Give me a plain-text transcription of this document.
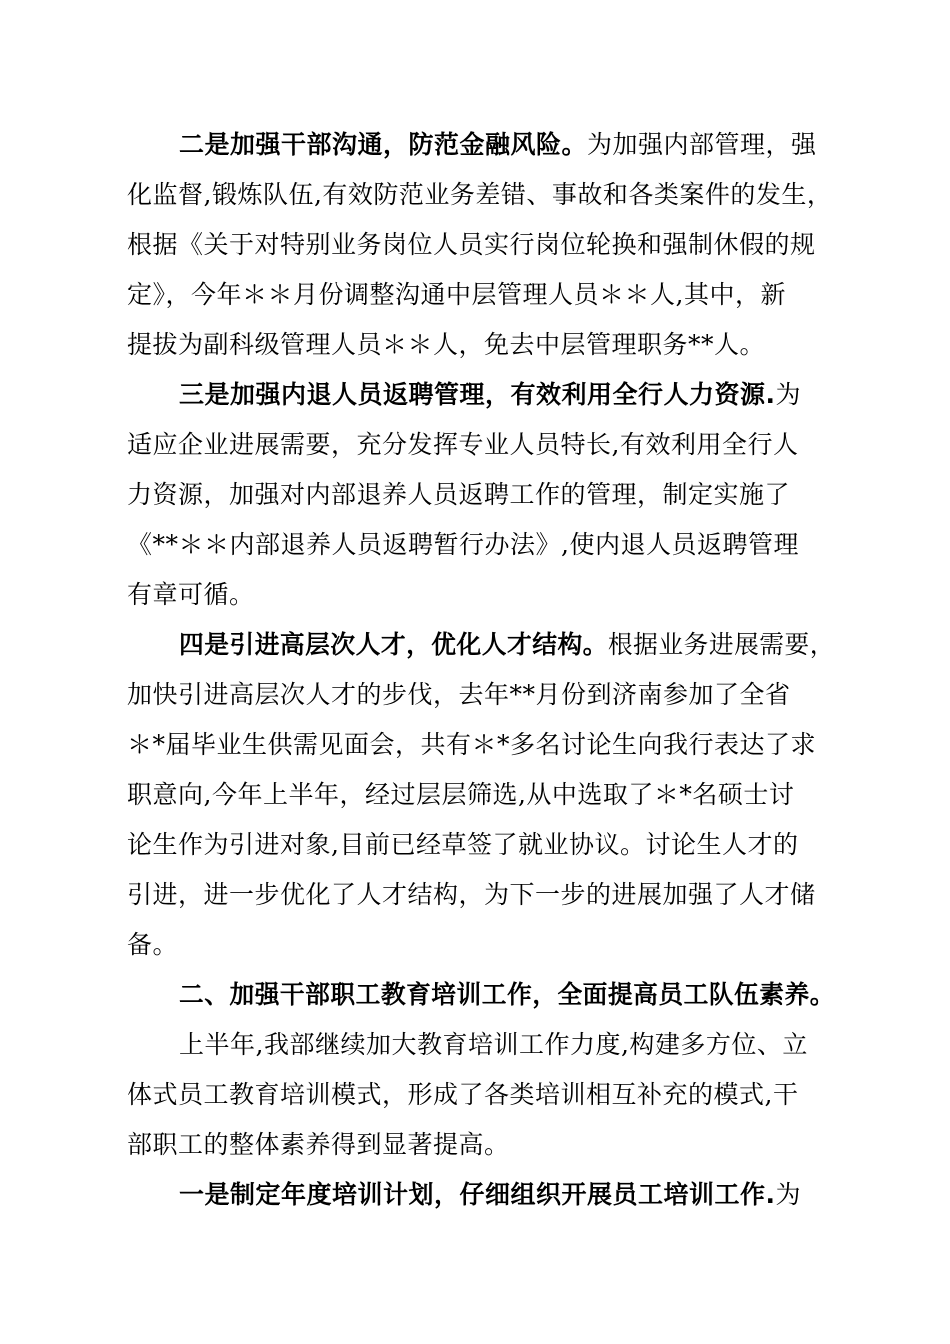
二是加强干部沟通，防范金融风险。为加强内部管理，强
化监督,锻炼队伍,有效防范业务差错、事故和各类案件的发生，
根据《关于对特别业务岗位人员实行岗位轮换和强制休假的规
定》，今年＊＊月份调整沟通中层管理人员＊＊人,其中，新
提拔为副科级管理人员＊＊人，免去中层管理职务**人。
三是加强内退人员返聘管理，有效利用全行人力资源.为
适应企业进展需要，充分发挥专业人员特长,有效利用全行人
力资源，加强对内部退养人员返聘工作的管理，制定实施了
《**＊＊内部退养人员返聘暂行办法》,使内退人员返聘管理
有章可循。
四是引进高层次人才，优化人才结构。根据业务进展需要，
加快引进高层次人才的步伐，去年**月份到济南参加了全省
＊*届毕业生供需见面会，共有＊*多名讨论生向我行表达了求
职意向,今年上半年，经过层层筛选,从中选取了＊*名硕士讨
论生作为引进对象,目前已经草签了就业协议。讨论生人才的
引进，进一步优化了人才结构，为下一步的进展加强了人才储
备。
二、加强干部职工教育培训工作，全面提高员工队伍素养。
上半年,我部继续加大教育培训工作力度,构建多方位、立
体式员工教育培训模式，形成了各类培训相互补充的模式,干
部职工的整体素养得到显著提高。
一是制定年度培训计划，仔细组织开展员工培训工作.为
